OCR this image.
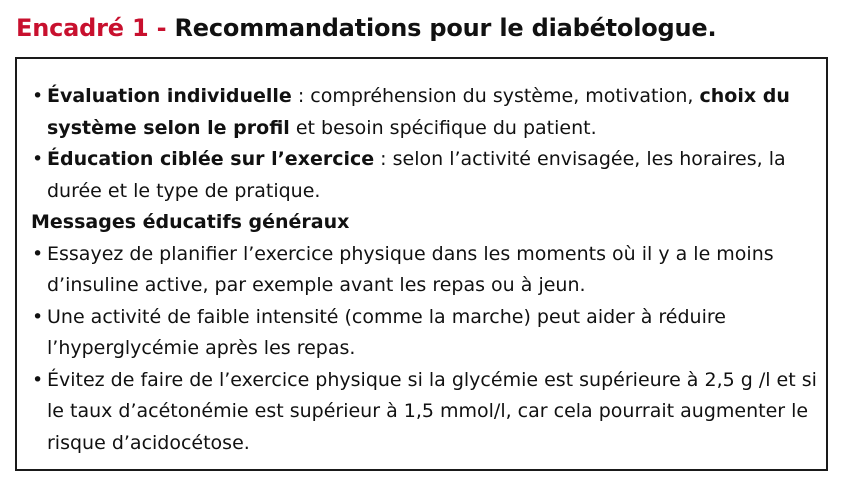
Encadré 1 - Recommandations pour le diabétologue.

• Évaluation individuelle : compréhension du système, motivation, choix du système selon le profil et besoin spécifique du patient.

• Éducation ciblée sur l’exercice : selon l’activité envisagée, les horaires, la durée et le type de pratique.

Messages éducatifs généraux

• Essayez de planifier l’exercice physique dans les moments où il y a le moins d’insuline active, par exemple avant les repas ou à jeun.

• Une activité de faible intensité (comme la marche) peut aider à réduire l’hyperglycémie après les repas.

• Évitez de faire de l’exercice physique si la glycémie est supérieure à 2,5 g /l et si le taux d’acétonémie est supérieur à 1,5 mmol/l, car cela pourrait augmenter le risque d’acidocétose.
